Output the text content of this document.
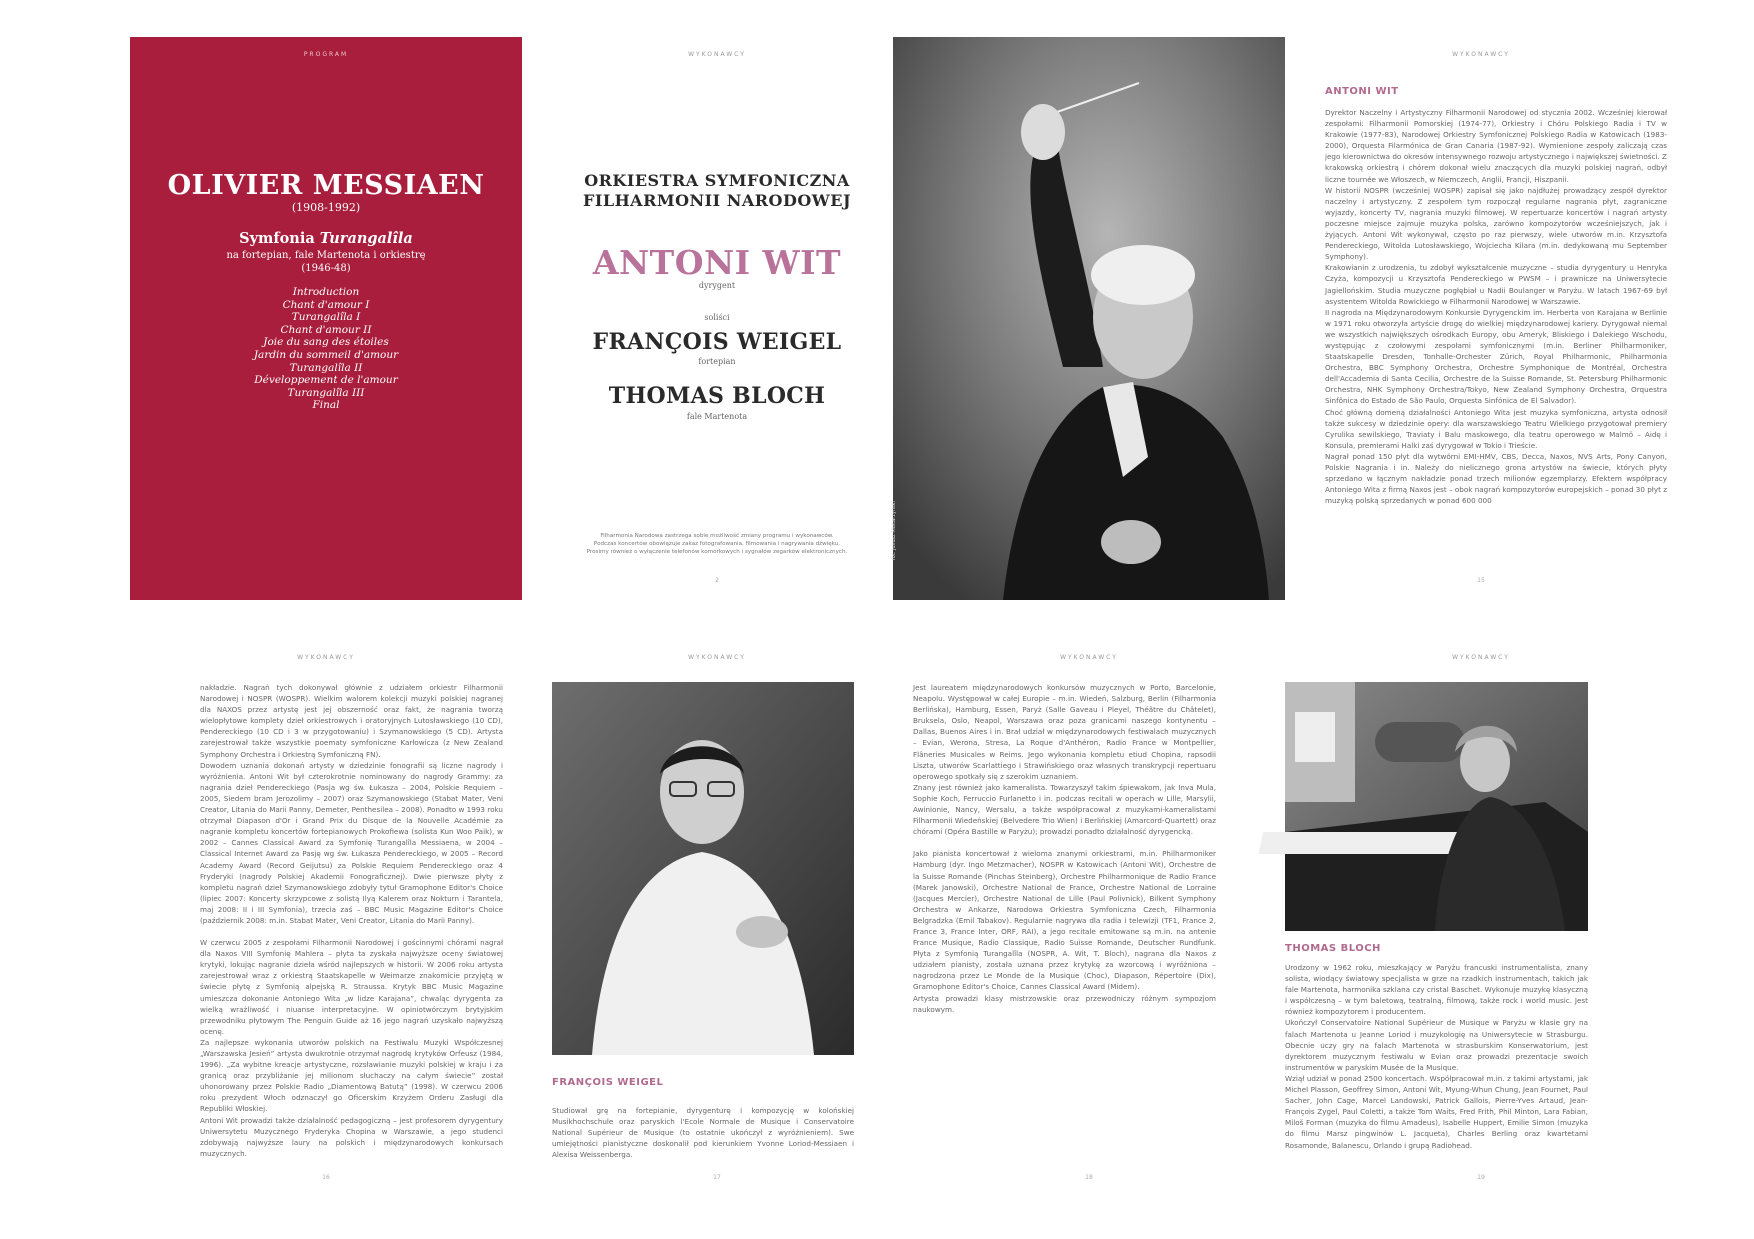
PROGRAM
OLIVIER MESSIAEN
(1908-1992)
Symfonia Turangalîla
na fortepian, fale Martenota i orkiestrę
(1946-48)
Introduction
Chant d'amour I
Turangalîla I
Chant d'amour II
Joie du sang des étoiles
Jardin du sommeil d'amour
Turangalîla II
Développement de l'amour
Turangalîla III
Final
WYKONAWCY
ORKIESTRA SYMFONICZNA
FILHARMONII NARODOWEJ
ANTONI WIT
dyrygent
soliści
FRANÇOIS WEIGEL
fortepian
THOMAS BLOCH
fale Martenota
Filharmonia Narodowa zastrzega sobie możliwość zmiany programu i wykonawców.
Podczas koncertów obowiązuje zakaz fotografowania, filmowania i nagrywania dźwięku.
Prosimy również o wyłączenie telefonów komórkowych i sygnałów zegarków elektronicznych.
2
fot. Juliusz Multarzyński
WYKONAWCY
ANTONI WIT

Dyrektor Naczelny i Artystyczny Filharmonii Narodowej od stycznia 2002. Wcześniej kierował zespołami: Filharmonii Pomorskiej (1974-77), Orkiestry i Chóru Polskiego Radia i TV w Krakowie (1977-83), Narodowej Orkiestry Symfonicznej Polskiego Radia w Katowicach (1983-2000), Orquesta Filarmónica de Gran Canaria (1987-92). Wymienione zespoły zaliczają czas jego kierownictwa do okresów intensywnego rozwoju artystycznego i największej świetności. Z krakowską orkiestrą i chórem dokonał wielu znaczących dla muzyki polskiej nagrań, odbył liczne tournée we Włoszech, w Niemczech, Anglii, Francji, Hiszpanii.

W historii NOSPR (wcześniej WOSPR) zapisał się jako najdłużej prowadzący zespół dyrektor naczelny i artystyczny. Z zespołem tym rozpoczął regularne nagrania płyt, zagraniczne wyjazdy, koncerty TV, nagrania muzyki filmowej. W repertuarze koncertów i nagrań artysty poczesne miejsce zajmuje muzyka polska, zarówno kompozytorów wcześniejszych, jak i żyjących. Antoni Wit wykonywał, często po raz pierwszy, wiele utworów m.in. Krzysztofa Pendereckiego, Witolda Lutosławskiego, Wojciecha Kilara (m.in. dedykowaną mu September Symphony).

Krakowianin z urodzenia, tu zdobył wykształcenie muzyczne – studia dyrygentury u Henryka Czyża, kompozycji u Krzysztofa Pendereckiego w PWSM – i prawnicze na Uniwersytecie Jagiellońskim. Studia muzyczne pogłębiał u Nadii Boulanger w Paryżu. W latach 1967-69 był asystentem Witolda Rowickiego w Filharmonii Narodowej w Warszawie.

II nagroda na Międzynarodowym Konkursie Dyrygenckim im. Herberta von Karajana w Berlinie w 1971 roku otworzyła artyście drogę do wielkiej międzynarodowej kariery. Dyrygował niemal we wszystkich największych ośrodkach Europy, obu Ameryk, Bliskiego i Dalekiego Wschodu, występując z czołowymi zespołami symfonicznymi (m.in. Berliner Philharmoniker, Staatskapelle Dresden, Tonhalle-Orchester Zürich, Royal Philharmonic, Philharmonia Orchestra, BBC Symphony Orchestra, Orchestre Symphonique de Montréal, Orchestra dell'Accademia di Santa Cecilia, Orchestre de la Suisse Romande, St. Petersburg Philharmonic Orchestra, NHK Symphony Orchestra/Tokyo, New Zealand Symphony Orchestra, Orquestra Sinfônica do Estado de São Paulo, Orquesta Sinfónica de El Salvador).

Choć główną domeną działalności Antoniego Wita jest muzyka symfoniczna, artysta odnosił także sukcesy w dziedzinie opery: dla warszawskiego Teatru Wielkiego przygotował premiery Cyrulika sewilskiego, Traviaty i Balu maskowego, dla teatru operowego w Malmö – Aidę i Konsula, premierami Halki zaś dyrygował w Tokio i Trieście.

Nagrał ponad 150 płyt dla wytwórni EMI-HMV, CBS, Decca, Naxos, NVS Arts, Pony Canyon, Polskie Nagrania i in. Należy do nielicznego grona artystów na świecie, których płyty sprzedano w łącznym nakładzie ponad trzech milionów egzemplarzy. Efektem współpracy Antoniego Wita z firmą Naxos jest – obok nagrań kompozytorów europejskich – ponad 30 płyt z muzyką polską sprzedanych w ponad 600 000

15
WYKONAWCY

nakładzie. Nagrań tych dokonywał głównie z udziałem orkiestr Filharmonii Narodowej i NOSPR (WOSPR). Wielkim walorem kolekcji muzyki polskiej nagranej dla NAXOS przez artystę jest jej obszerność oraz fakt, że nagrania tworzą wielopłytowe komplety dzieł orkiestrowych i oratoryjnych Lutosławskiego (10 CD), Pendereckiego (10 CD i 3 w przygotowaniu) i Szymanowskiego (5 CD). Artysta zarejestrował także wszystkie poematy symfoniczne Karłowicza (z New Zealand Symphony Orchestra i Orkiestrą Symfoniczną FN).

Dowodem uznania dokonań artysty w dziedzinie fonografii są liczne nagrody i wyróżnienia. Antoni Wit był czterokrotnie nominowany do nagrody Grammy: za nagrania dzieł Pendereckiego (Pasja wg św. Łukasza – 2004, Polskie Requiem – 2005, Siedem bram Jerozolimy – 2007) oraz Szymanowskiego (Stabat Mater, Veni Creator, Litania do Marii Panny, Demeter, Penthesilea – 2008). Ponadto w 1993 roku otrzymał Diapason d'Or i Grand Prix du Disque de la Nouvelle Académie za nagranie kompletu koncertów fortepianowych Prokofiewa (solista Kun Woo Paik), w 2002 – Cannes Classical Award za Symfonię Turangalîla Messiaena, w 2004 – Classical Internet Award za Pasję wg św. Łukasza Pendereckiego, w 2005 – Record Academy Award (Record Geijutsu) za Polskie Requiem Pendereckiego oraz 4 Fryderyki (nagrody Polskiej Akademii Fonograficznej). Dwie pierwsze płyty z kompletu nagrań dzieł Szymanowskiego zdobyły tytuł Gramophone Editor's Choice (lipiec 2007: Koncerty skrzypcowe z solistą Ilyą Kalerem oraz Nokturn i Tarantela, maj 2008: II i III Symfonia), trzecia zaś – BBC Music Magazine Editor's Choice (październik 2008: m.in. Stabat Mater, Veni Creator, Litania do Marii Panny).

W czerwcu 2005 z zespołami Filharmonii Narodowej i gościnnymi chórami nagrał dla Naxos VIII Symfonię Mahlera – płyta ta zyskała najwyższe oceny światowej krytyki, lokując nagranie dzieła wśród najlepszych w historii. W 2006 roku artysta zarejestrował wraz z orkiestrą Staatskapelle w Weimarze znakomicie przyjętą w świecie płytę z Symfonią alpejską R. Straussa. Krytyk BBC Music Magazine umieszcza dokonanie Antoniego Wita „w lidze Karajana”, chwaląc dyrygenta za wielką wrażliwość i niuanse interpretacyjne. W opiniotwórczym brytyjskim przewodniku płytowym The Penguin Guide aż 16 jego nagrań uzyskało najwyższą ocenę.

Za najlepsze wykonania utworów polskich na Festiwalu Muzyki Współczesnej „Warszawska Jesień” artysta dwukrotnie otrzymał nagrodę krytyków Orfeusz (1984, 1996). „Za wybitne kreacje artystyczne, rozsławianie muzyki polskiej w kraju i za granicą oraz przybliżanie jej milionom słuchaczy na całym świecie” został uhonorowany przez Polskie Radio „Diamentową Batutą” (1998). W czerwcu 2006 roku prezydent Włoch odznaczył go Oficerskim Krzyżem Orderu Zasługi dla Republiki Włoskiej.

Antoni Wit prowadzi także działalność pedagogiczną – jest profesorem dyrygentury Uniwersytetu Muzycznego Fryderyka Chopina w Warszawie, a jego studenci zdobywają najwyższe laury na polskich i międzynarodowych konkursach muzycznych.

16
WYKONAWCY
FRANÇOIS WEIGEL
Studiował grę na fortepianie, dyrygenturę i kompozycję w kolońskiej Musikhochschule oraz paryskich l'Ecole Normale de Musique i Conservatoire National Supérieur de Musique (to ostatnie ukończył z wyróżnieniem). Swe umiejętności pianistyczne doskonalił pod kierunkiem Yvonne Loriod-Messiaen i Alexisa Weissenberga.
17
WYKONAWCY

Jest laureatem międzynarodowych konkursów muzycznych w Porto, Barcelonie, Neapolu. Występował w całej Europie – m.in. Wiedeń, Salzburg, Berlin (Filharmonia Berlińska), Hamburg, Essen, Paryż (Salle Gaveau i Pleyel, Théâtre du Châtelet), Bruksela, Oslo, Neapol, Warszawa oraz poza granicami naszego kontynentu – Dallas, Buenos Aires i in. Brał udział w międzynarodowych festiwalach muzycznych – Evian, Werona, Stresa, La Roque d'Anthéron, Radio France w Montpellier, Flâneries Musicales w Reims. Jego wykonania kompletu etiud Chopina, rapsodii Liszta, utworów Scarlattiego i Strawińskiego oraz własnych transkrypcji repertuaru operowego spotkały się z szerokim uznaniem.

Znany jest również jako kameralista. Towarzyszył takim śpiewakom, jak Inva Mula, Sophie Koch, Ferruccio Furlanetto i in. podczas recitali w operach w Lille, Marsylii, Awinionie, Nancy, Wersalu, a także współpracował z muzykami-kameralistami Filharmonii Wiedeńskiej (Belvedere Trio Wien) i Berlińskiej (Amarcord-Quartett) oraz chórami (Opéra Bastille w Paryżu); prowadzi ponadto działalność dyrygencką.

Jako pianista koncertował z wieloma znanymi orkiestrami, m.in. Philharmoniker Hamburg (dyr. Ingo Metzmacher), NOSPR w Katowicach (Antoni Wit), Orchestre de la Suisse Romande (Pinchas Steinberg), Orchestre Philharmonique de Radio France (Marek Janowski), Orchestre National de France, Orchestre National de Lorraine (Jacques Mercier), Orchestre National de Lille (Paul Polivnick), Bilkent Symphony Orchestra w Ankarze, Narodowa Orkiestra Symfoniczna Czech, Filharmonia Belgradzka (Emil Tabakov). Regularnie nagrywa dla radia i telewizji (TF1, France 2, France 3, France Inter, ORF, RAI), a jego recitale emitowane są m.in. na antenie France Musique, Radio Classique, Radio Suisse Romande, Deutscher Rundfunk. Płyta z Symfonią Turangalîla (NOSPR, A. Wit, T. Bloch), nagrana dla Naxos z udziałem pianisty, została uznana przez krytykę za wzorcową i wyróżniona – nagrodzona przez Le Monde de la Musique (Choc), Diapason, Répertoire (Dix), Gramophone Editor's Choice, Cannes Classical Award (Midem).

Artysta prowadzi klasy mistrzowskie oraz przewodniczy różnym sympozjom naukowym.

18
WYKONAWCY
THOMAS BLOCH

Urodzony w 1962 roku, mieszkający w Paryżu francuski instrumentalista, znany solista, wiodący światowy specjalista w grze na rzadkich instrumentach, takich jak fale Martenota, harmonika szklana czy cristal Baschet. Wykonuje muzykę klasyczną i współczesną – w tym baletową, teatralną, filmową, także rock i world music. Jest również kompozytorem i producentem.

Ukończył Conservatoire National Supérieur de Musique w Paryżu w klasie gry na falach Martenota u Jeanne Loriod i muzykologię na Uniwersytecie w Strasburgu. Obecnie uczy gry na falach Martenota w strasburskim Konserwatorium, jest dyrektorem muzycznym festiwalu w Evian oraz prowadzi prezentacje swoich instrumentów w paryskim Musée de la Musique.

Wziął udział w ponad 2500 koncertach. Współpracował m.in. z takimi artystami, jak Michel Plasson, Geoffrey Simon, Antoni Wit, Myung-Whun Chung, Jean Fournet, Paul Sacher, John Cage, Marcel Landowski, Patrick Gallois, Pierre-Yves Artaud, Jean-François Zygel, Paul Coletti, a także Tom Waits, Fred Frith, Phil Minton, Lara Fabian, Miloš Forman (muzyka do filmu Amadeus), Isabelle Huppert, Emilie Simon (muzyka do filmu Marsz pingwinów L. Jacqueta), Charles Berling oraz kwartetami Rosamonde, Balanescu, Orlando i grupą Radiohead.

19
